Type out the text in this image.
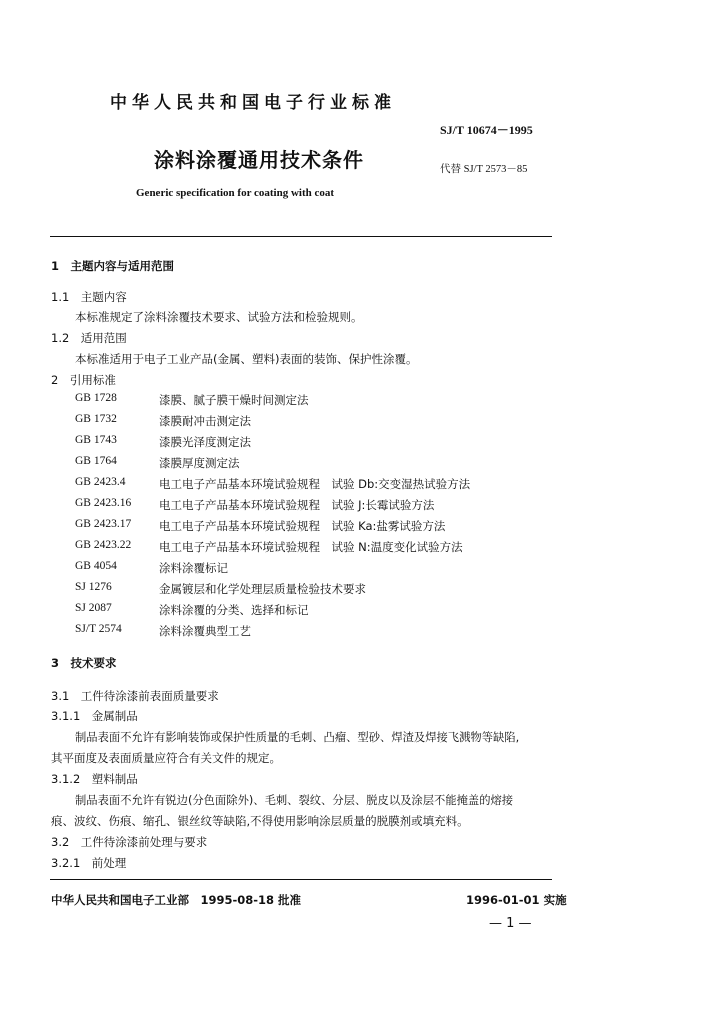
中华人民共和国电子行业标准
SJ/T 10674－1995
涂料涂覆通用技术条件	代替 SJ/T 2573－85
Generic specification for coating with coat
1　主题内容与适用范围
1.1　主题内容
本标准规定了涂料涂覆技术要求、试验方法和检验规则。
1.2　适用范围
本标准适用于电子工业产品(金属、塑料)表面的装饰、保护性涂覆。
2　引用标准
GB 1728	漆膜、腻子膜干燥时间测定法
GB 1732	漆膜耐冲击测定法
GB 1743	漆膜光泽度测定法
GB 1764	漆膜厚度测定法
GB 2423.4	电工电子产品基本环境试验规程　试验 Db:交变湿热试验方法
GB 2423.16 电工电子产品基本环境试验规程　试验 J:长霉试验方法
GB 2423.17 电工电子产品基本环境试验规程　试验 Ka:盐雾试验方法
GB 2423.22 电工电子产品基本环境试验规程　试验 N:温度变化试验方法
GB 4054	涂料涂覆标记
SJ 1276	金属镀层和化学处理层质量检验技术要求
SJ 2087	涂料涂覆的分类、选择和标记
SJ/T 2574	涂料涂覆典型工艺
3　技术要求
3.1　工件待涂漆前表面质量要求
3.1.1　金属制品
制品表面不允许有影响装饰或保护性质量的毛刺、凸瘤、型砂、焊渣及焊接飞溅物等缺陷,
其平面度及表面质量应符合有关文件的规定。
3.1.2　塑料制品
制品表面不允许有锐边(分色面除外)、毛刺、裂纹、分层、脱皮以及涂层不能掩盖的熔接
痕、波纹、伤痕、缩孔、银丝纹等缺陷,不得使用影响涂层质量的脱膜剂或填充料。
3.2　工件待涂漆前处理与要求
3.2.1　前处理
中华人民共和国电子工业部　1995-08-18 批准	1996-01-01 实施
— 1 —
